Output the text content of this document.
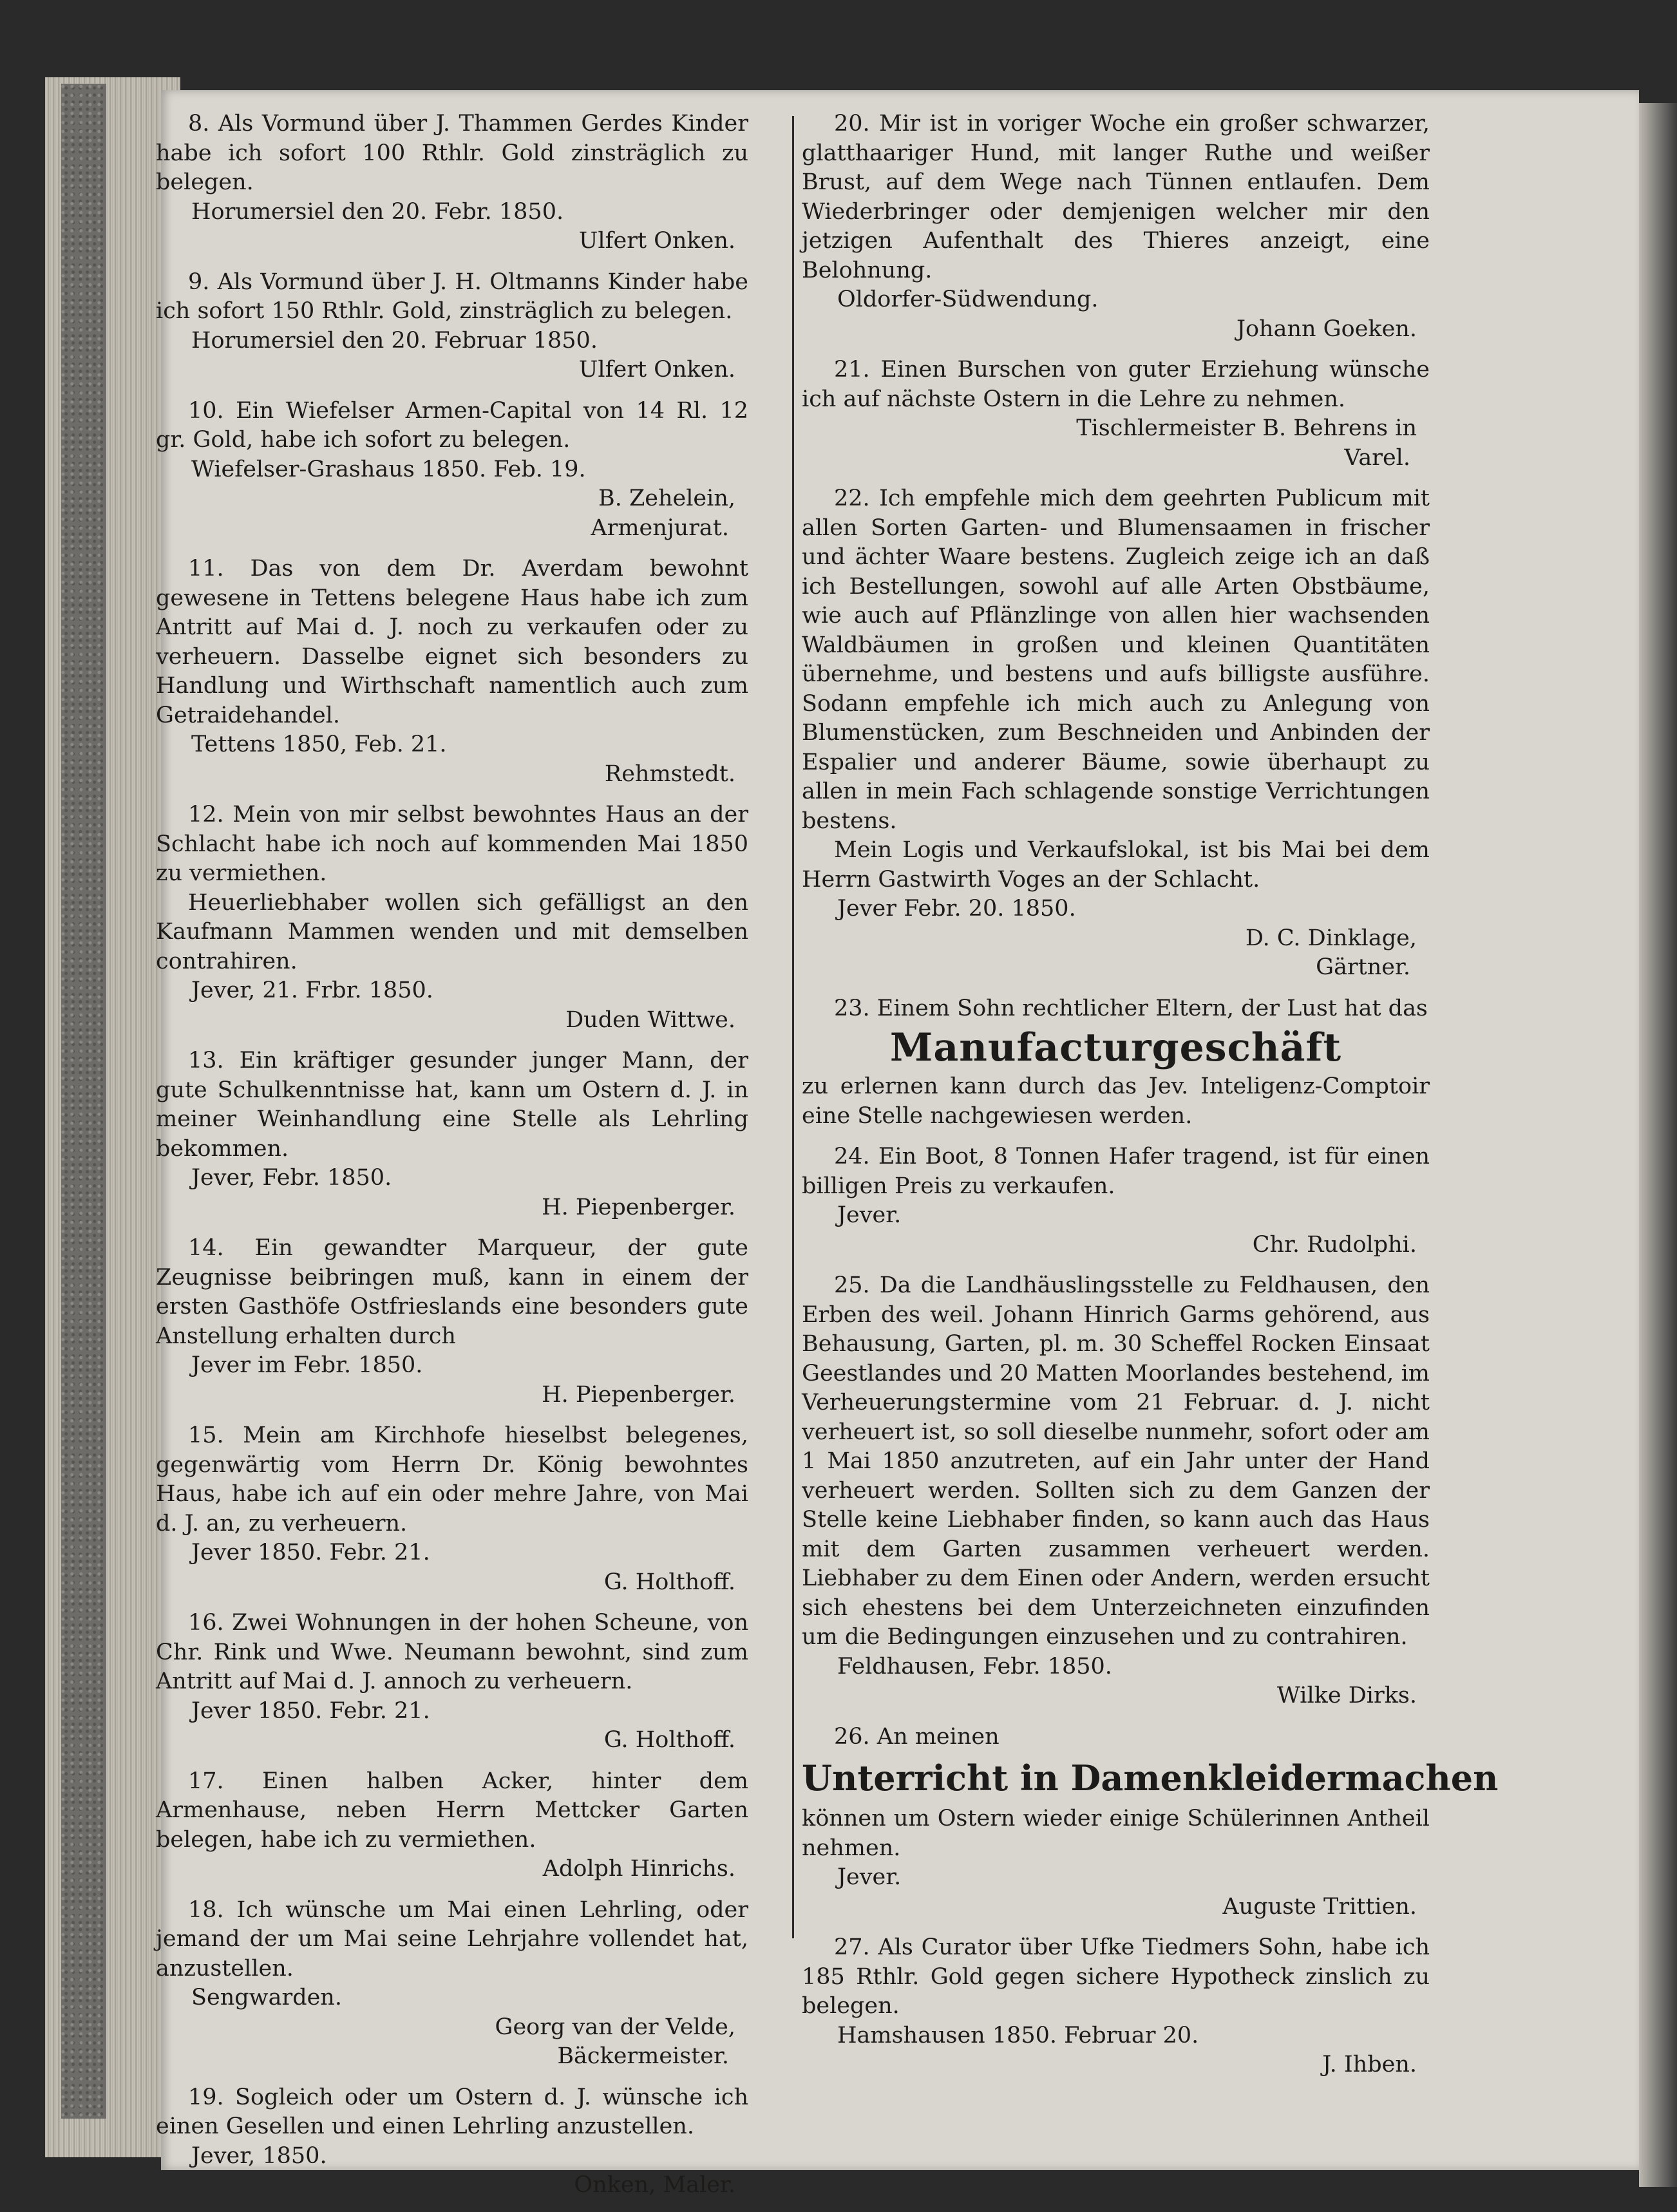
8. Als Vormund über J. Thammen Gerdes Kinder habe ich sofort 100 Rthlr. Gold zinsträglich zu belegen.

Horumersiel den 20. Febr. 1850.

Ulfert Onken.

9. Als Vormund über J. H. Oltmanns Kinder habe ich sofort 150 Rthlr. Gold, zinsträglich zu belegen.

Horumersiel den 20. Februar 1850.

Ulfert Onken.

10. Ein Wiefelser Armen-Capital von 14 Rl. 12 gr. Gold, habe ich sofort zu belegen.

Wiefelser-Grashaus 1850. Feb. 19.

B. Zehelein,

Armenjurat.

11. Das von dem Dr. Averdam bewohnt gewesene in Tettens belegene Haus habe ich zum Antritt auf Mai d. J. noch zu verkaufen oder zu verheuern. Dasselbe eignet sich besonders zu Handlung und Wirthschaft namentlich auch zum Getraidehandel.

Tettens 1850, Feb. 21.

Rehmstedt.

12. Mein von mir selbst bewohntes Haus an der Schlacht habe ich noch auf kommenden Mai 1850 zu vermiethen.

Heuerliebhaber wollen sich gefälligst an den Kaufmann Mammen wenden und mit demselben contrahiren.

Jever, 21. Frbr. 1850.

Duden Wittwe.

13. Ein kräftiger gesunder junger Mann, der gute Schulkenntnisse hat, kann um Ostern d. J. in meiner Weinhandlung eine Stelle als Lehrling bekommen.

Jever, Febr. 1850.

H. Piepenberger.

14. Ein gewandter Marqueur, der gute Zeugnisse beibringen muß, kann in einem der ersten Gasthöfe Ostfrieslands eine besonders gute Anstellung erhalten durch

Jever im Febr. 1850.

H. Piepenberger.

15. Mein am Kirchhofe hieselbst belegenes, gegenwärtig vom Herrn Dr. König bewohntes Haus, habe ich auf ein oder mehre Jahre, von Mai d. J. an, zu verheuern.

Jever 1850. Febr. 21.

G. Holthoff.

16. Zwei Wohnungen in der hohen Scheune, von Chr. Rink und Wwe. Neumann bewohnt, sind zum Antritt auf Mai d. J. annoch zu verheuern.

Jever 1850. Febr. 21.

G. Holthoff.

17. Einen halben Acker, hinter dem Armenhause, neben Herrn Mettcker Garten belegen, habe ich zu vermiethen.

Adolph Hinrichs.

18. Ich wünsche um Mai einen Lehrling, oder jemand der um Mai seine Lehrjahre vollendet hat, anzustellen.

Sengwarden.

Georg van der Velde,

Bäckermeister.

19. Sogleich oder um Ostern d. J. wünsche ich einen Gesellen und einen Lehrling anzustellen.

Jever, 1850.

Onken, Maler.

20. Mir ist in voriger Woche ein großer schwarzer, glatthaariger Hund, mit langer Ruthe und weißer Brust, auf dem Wege nach Tünnen entlaufen. Dem Wiederbringer oder demjenigen welcher mir den jetzigen Aufenthalt des Thieres anzeigt, eine Belohnung.

Oldorfer-Südwendung.

Johann Goeken.

21. Einen Burschen von guter Erziehung wünsche ich auf nächste Ostern in die Lehre zu nehmen.

Tischlermeister B. Behrens in

Varel.

22. Ich empfehle mich dem geehrten Publicum mit allen Sorten Garten- und Blumensaamen in frischer und ächter Waare bestens. Zugleich zeige ich an daß ich Bestellungen, sowohl auf alle Arten Obstbäume, wie auch auf Pflänzlinge von allen hier wachsenden Waldbäumen in großen und kleinen Quantitäten übernehme, und bestens und aufs billigste ausführe. Sodann empfehle ich mich auch zu Anlegung von Blumenstücken, zum Beschneiden und Anbinden der Espalier und anderer Bäume, sowie überhaupt zu allen in mein Fach schlagende sonstige Verrichtungen bestens.

Mein Logis und Verkaufslokal, ist bis Mai bei dem Herrn Gastwirth Voges an der Schlacht.

Jever Febr. 20. 1850.

D. C. Dinklage,

Gärtner.

23. Einem Sohn rechtlicher Eltern, der Lust hat das

Manufacturgeschäft

zu erlernen kann durch das Jev. Inteligenz-Comptoir eine Stelle nachgewiesen werden.

24. Ein Boot, 8 Tonnen Hafer tragend, ist für einen billigen Preis zu verkaufen.

Jever.

Chr. Rudolphi.

25. Da die Landhäuslingsstelle zu Feldhausen, den Erben des weil. Johann Hinrich Garms gehörend, aus Behausung, Garten, pl. m. 30 Scheffel Rocken Einsaat Geestlandes und 20 Matten Moorlandes bestehend, im Verheuerungstermine vom 21 Februar. d. J. nicht verheuert ist, so soll dieselbe nunmehr, sofort oder am 1 Mai 1850 anzutreten, auf ein Jahr unter der Hand verheuert werden. Sollten sich zu dem Ganzen der Stelle keine Liebhaber finden, so kann auch das Haus mit dem Garten zusammen verheuert werden. Liebhaber zu dem Einen oder Andern, werden ersucht sich ehestens bei dem Unterzeichneten einzufinden um die Bedingungen einzusehen und zu contrahiren.

Feldhausen, Febr. 1850.

Wilke Dirks.

26. An meinen

Unterricht in Damenkleidermachen

können um Ostern wieder einige Schülerinnen Antheil nehmen.

Jever.

Auguste Trittien.

27. Als Curator über Ufke Tiedmers Sohn, habe ich 185 Rthlr. Gold gegen sichere Hypotheck zinslich zu belegen.

Hamshausen 1850. Februar 20.

J. Ihben.
